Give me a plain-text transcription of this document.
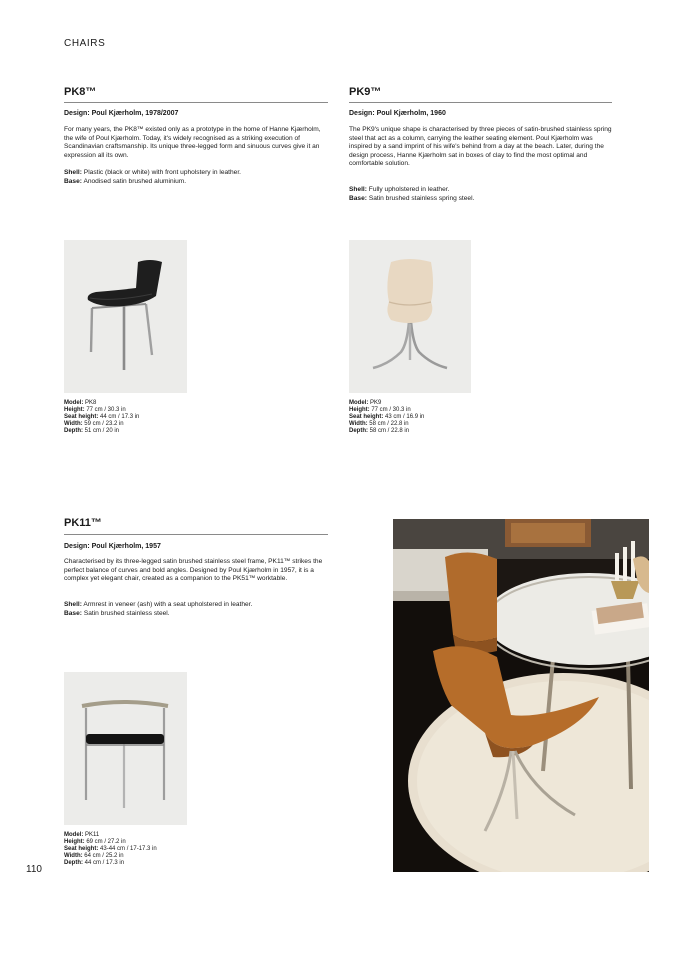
CHAIRS
PK8™
Design: Poul Kjærholm, 1978/2007

For many years, the PK8™ existed only as a prototype in the home of Hanne Kjærholm, the wife of Poul Kjærholm. Today, it's widely recognised as a striking execution of Scandinavian craftsmanship. Its unique three-legged form and sinuous curves give it an expression all its own.

Shell: Plastic (black or white) with front upholstery in leather.

Base: Anodised satin brushed aluminium.

Model: PK8
Height: 77 cm / 30.3 in
Seat height: 44 cm / 17.3 in
Width: 59 cm / 23.2 in
Depth: 51 cm / 20 in
PK9™
Design: Poul Kjærholm, 1960

The PK9's unique shape is characterised by three pieces of satin-brushed stainless spring steel that act as a column, carrying the leather seating element. Poul Kjærholm was inspired by a sand imprint of his wife's behind from a day at the beach. Later, during the design process, Hanne Kjærholm sat in boxes of clay to find the most optimal and comfortable solution.

Shell: Fully upholstered in leather.

Base: Satin brushed stainless spring steel.

Model: PK9
Height: 77 cm / 30.3 in
Seat height: 43 cm / 16.9 in
Width: 58 cm / 22.8 in
Depth: 58 cm / 22.8 in
PK11™
Design: Poul Kjærholm, 1957

Characterised by its three-legged satin brushed stainless steel frame, PK11™ strikes the perfect balance of curves and bold angles. Designed by Poul Kjærholm in 1957, it is a complex yet elegant chair, created as a companion to the PK51™ worktable.

Shell: Armrest in veneer (ash) with a seat upholstered in leather.

Base: Satin brushed stainless steel.

Model: PK11
Height: 69 cm / 27.2 in
Seat height: 43-44 cm / 17-17.3 in
Width: 64 cm / 25.2 in
Depth: 44 cm / 17.3 in
110
